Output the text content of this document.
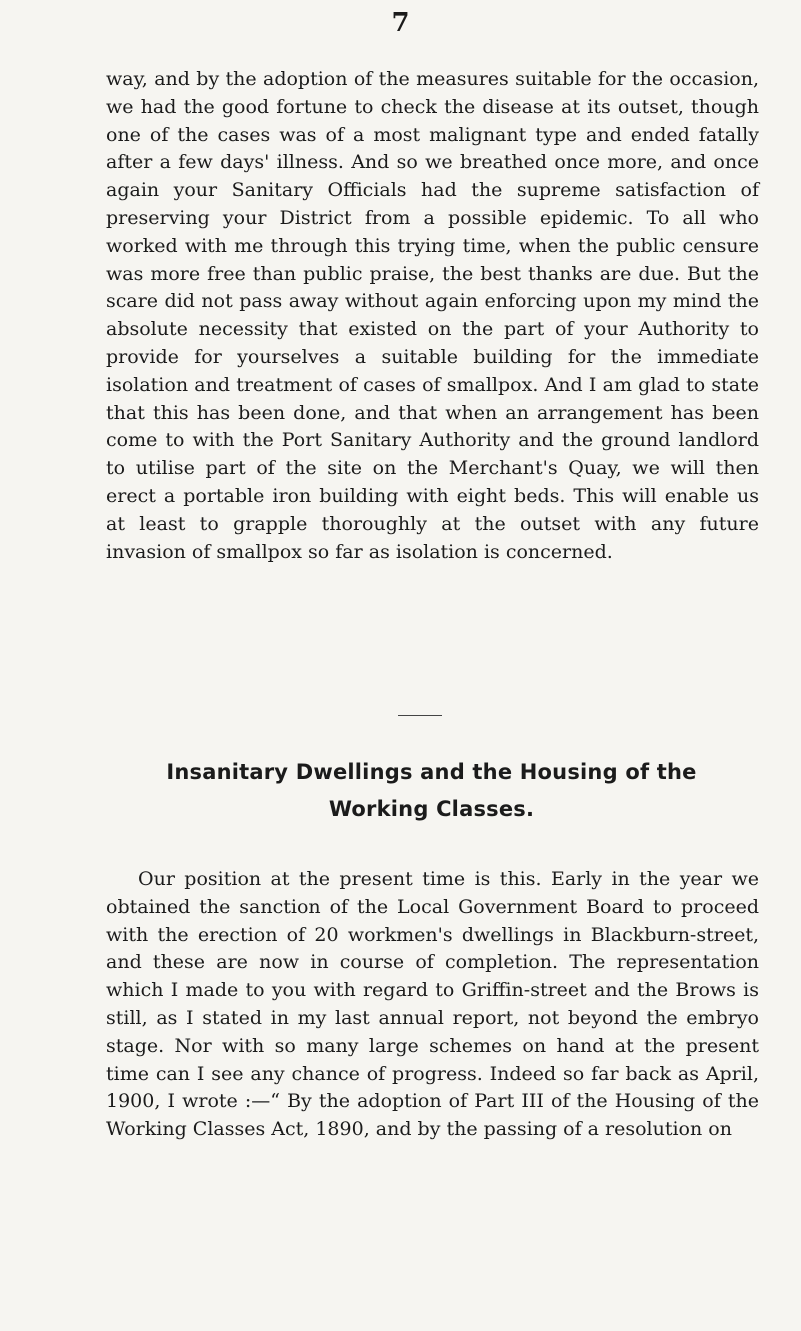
7

way, and by the adoption of the measures suitable for the occasion, we had the good fortune to check the disease at its outset, though one of the cases was of a most malignant type and ended fatally after a few days' illness. And so we breathed once more, and once again your Sanitary Officials had the supreme satisfaction of preserving your District from a possible epidemic. To all who worked with me through this trying time, when the public censure was more free than public praise, the best thanks are due. But the scare did not pass away without again enforcing upon my mind the absolute necessity that existed on the part of your Authority to provide for yourselves a suitable building for the immediate isolation and treatment of cases of smallpox. And I am glad to state that this has been done, and that when an arrangement has been come to with the Port Sanitary Authority and the ground landlord to utilise part of the site on the Merchant's Quay, we will then erect a portable iron building with eight beds. This will enable us at least to grapple thoroughly at the outset with any future invasion of smallpox so far as isolation is concerned.

Insanitary Dwellings and the Housing of the
Working Classes.

Our position at the present time is this. Early in the year we obtained the sanction of the Local Government Board to proceed with the erection of 20 workmen's dwellings in Blackburn-street, and these are now in course of completion. The representation which I made to you with regard to Griffin-street and the Brows is still, as I stated in my last annual report, not beyond the embryo stage. Nor with so many large schemes on hand at the present time can I see any chance of progress. Indeed so far back as April, 1900, I wrote :—“ By the adoption of Part III of the Housing of the Working Classes Act, 1890, and by the passing of a resolution on
